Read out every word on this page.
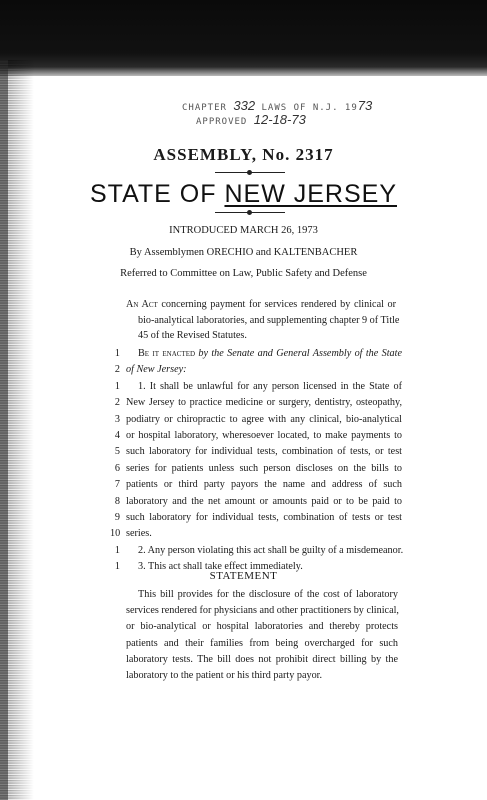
CHAPTER 332 LAWS OF N.J. 1973
APPROVED 12-18-73
ASSEMBLY, No. 2317
STATE OF NEW JERSEY
INTRODUCED MARCH 26, 1973
By Assemblymen ORECHIO and KALTENBACHER
Referred to Committee on Law, Public Safety and Defense
An Act concerning payment for services rendered by clinical or
bio-analytical laboratories, and supplementing chapter 9 of Title
45 of the Revised Statutes.
1	Be it enacted by the Senate and General Assembly of the State
2 of New Jersey:
1	1. It shall be unlawful for any person licensed in the State of
2 New Jersey to practice medicine or surgery, dentistry, osteopathy,
3 podiatry or chiropractic to agree with any clinical, bio-analytical
4 or hospital laboratory, wheresoever located, to make payments to
5 such laboratory for individual tests, combination of tests, or test
6 series for patients unless such person discloses on the bills to
7 patients or third party payors the name and address of such
8 laboratory and the net amount or amounts paid or to be paid to
9 such laboratory for individual tests, combination of tests or test
10 series.
1	2. Any person violating this act shall be guilty of a misdemeanor.
1	3. This act shall take effect immediately.
STATEMENT
This bill provides for the disclosure of the cost of laboratory
services rendered for physicians and other practitioners by clinical,
or bio-analytical or hospital laboratories and thereby protects
patients and their families from being overcharged for such
laboratory tests. The bill does not prohibit direct billing by the
laboratory to the patient or his third party payor.
